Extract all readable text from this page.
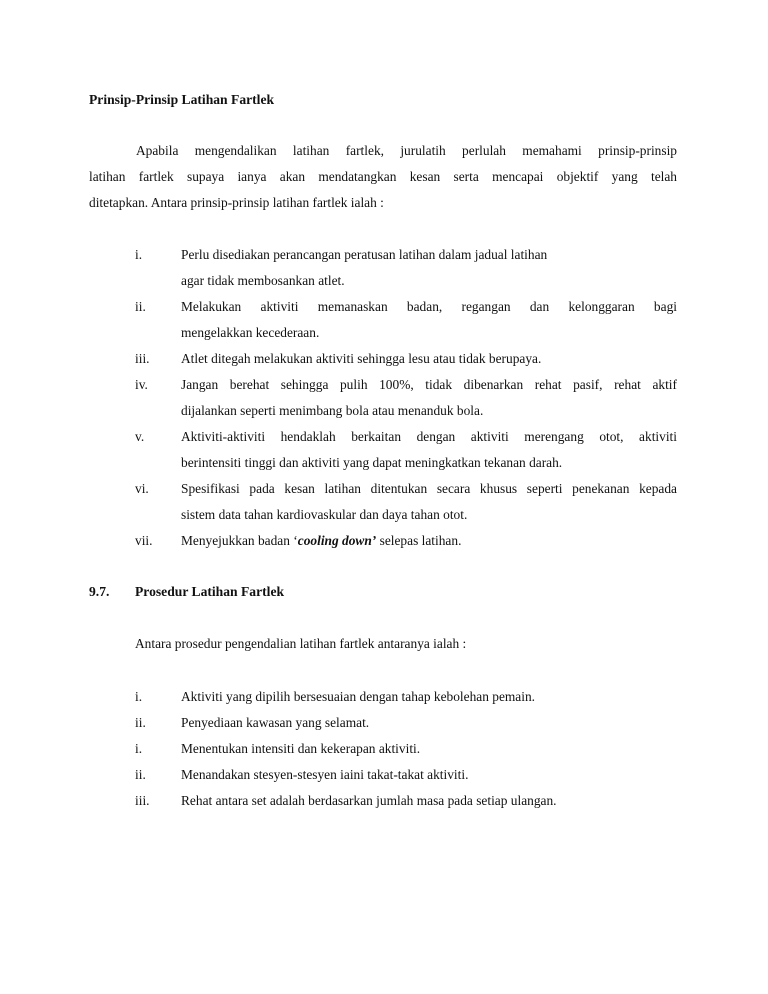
Prinsip-Prinsip Latihan Fartlek
Apabila mengendalikan latihan fartlek, jurulatih perlulah memahami prinsip-prinsip
latihan fartlek supaya ianya akan mendatangkan kesan serta mencapai objektif yang telah
ditetapkan. Antara prinsip-prinsip latihan fartlek ialah :
i.	Perlu disediakan perancangan peratusan latihan dalam jadual latihan
agar tidak membosankan atlet.
ii.	Melakukan aktiviti memanaskan badan, regangan dan kelonggaran bagi
mengelakkan kecederaan.
iii. Atlet ditegah melakukan aktiviti sehingga lesu atau tidak berupaya.
iv. Jangan berehat sehingga pulih 100%, tidak dibenarkan rehat pasif, rehat aktif
dijalankan seperti menimbang bola atau menanduk bola.
v.	Aktiviti-aktiviti hendaklah berkaitan dengan aktiviti merengang otot, aktiviti
berintensiti tinggi dan aktiviti yang dapat meningkatkan tekanan darah.
vi. Spesifikasi pada kesan latihan ditentukan secara khusus seperti penekanan kepada
sistem data tahan kardiovaskular dan daya tahan otot.
vii. Menyejukkan badan ‘cooling down’ selepas latihan.
9.7. Prosedur Latihan Fartlek
Antara prosedur pengendalian latihan fartlek antaranya ialah :
i.	Aktiviti yang dipilih bersesuaian dengan tahap kebolehan pemain.
ii.	Penyediaan kawasan yang selamat.
i.	Menentukan intensiti dan kekerapan aktiviti.
ii.	Menandakan stesyen-stesyen iaini takat-takat aktiviti.
iii. Rehat antara set adalah berdasarkan jumlah masa pada setiap ulangan.
